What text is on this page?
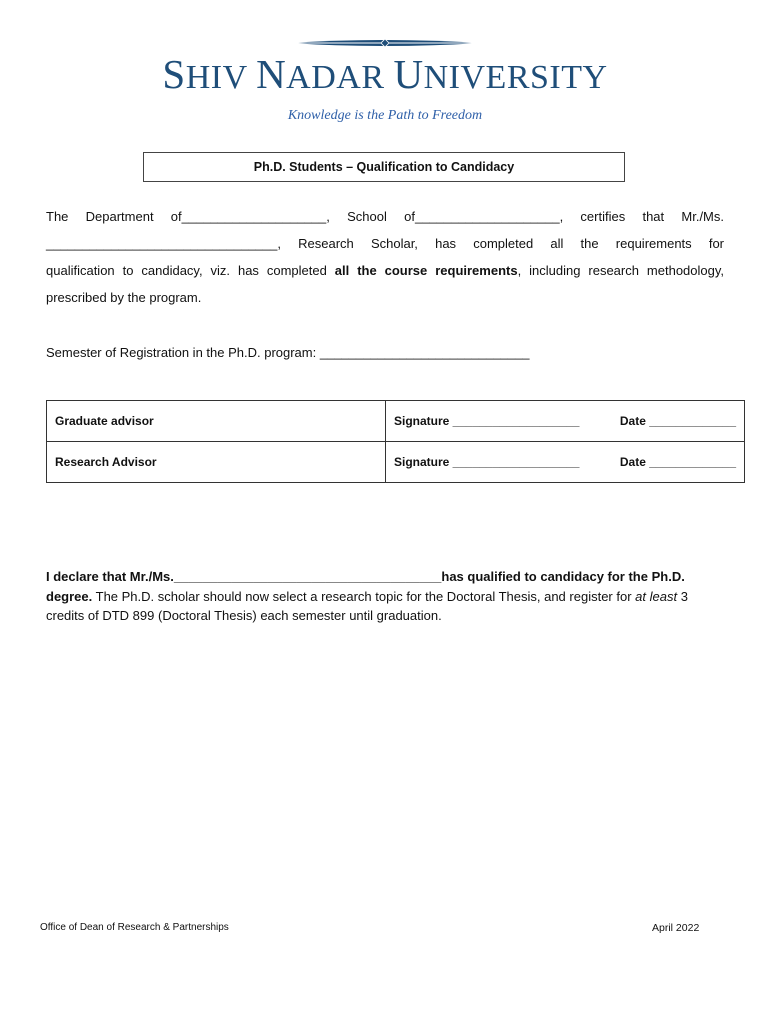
SHIV NADAR UNIVERSITY
Knowledge is the Path to Freedom
Ph.D. Students – Qualification to Candidacy
The Department of____________________, School of____________________, certifies that Mr./Ms.
________________________________, Research Scholar, has completed all the requirements for
qualification to candidacy, viz. has completed all the course requirements, including research methodology,
prescribed by the program.
Semester of Registration in the Ph.D. program: _____________________________
Graduate advisor	Signature ___________________ Date _____________

Research Advisor	Signature ___________________ Date _____________
I declare that Mr./Ms._____________________________________has qualified to candidacy for the Ph.D. degree. The Ph.D. scholar should now select a research topic for the Doctoral Thesis, and register for at least 3 credits of DTD 899 (Doctoral Thesis) each semester until graduation.
Office of Dean of Research & Partnerships	April 2022
